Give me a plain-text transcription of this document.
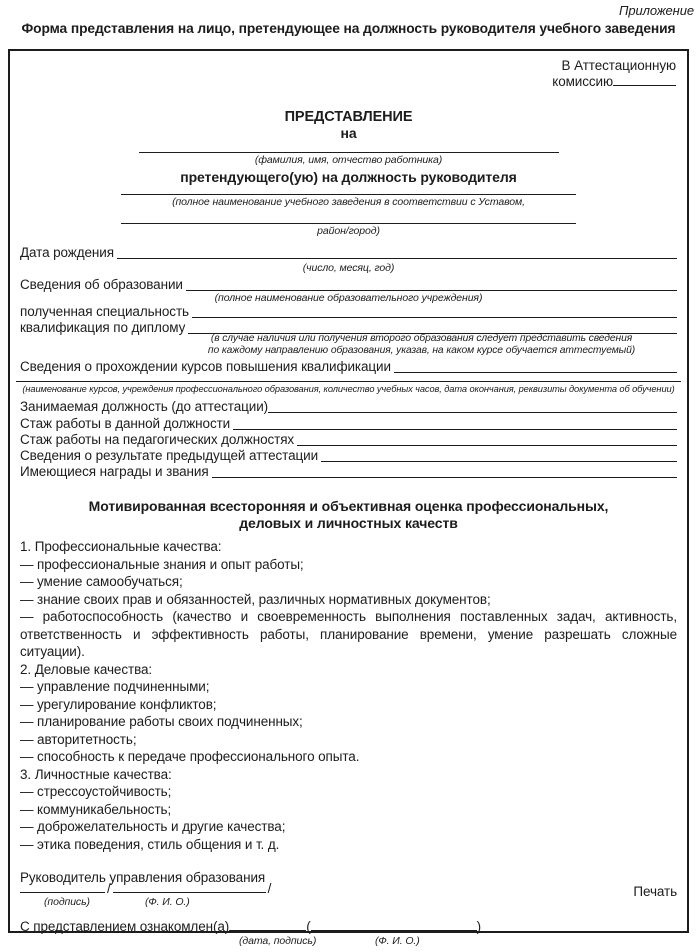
Приложение
Форма представления на лицо, претендующее на должность руководителя учебного заведения
В Аттестационную
комиссию
ПРЕДСТАВЛЕНИЕ
на
(фамилия, имя, отчество работника)
претендующего(ую) на должность руководителя
(полное наименование учебного заведения в соответствии с Уставом,
район/город)
Дата рождения
(число, месяц, год)
Сведения об образовании
(полное наименование образовательного учреждения)
полученная специальность
квалификация по диплому
(в случае наличия или получения второго образования следует представить сведения
по каждому направлению образования, указав, на каком курсе обучается аттестуемый)
Сведения о прохождении курсов повышения квалификации
(наименование курсов, учреждения профессионального образования, количество учебных часов, дата окончания, реквизиты документа об обучении)
Занимаемая должность (до аттестации)
Стаж работы в данной должности
Стаж работы на педагогических должностях
Сведения о результате предыдущей аттестации
Имеющиеся награды и звания
Мотивированная всесторонняя и объективная оценка профессиональных,
деловых и личностных качеств
1. Профессиональные качества:
— профессиональные знания и опыт работы;
— умение самообучаться;
— знание своих прав и обязанностей, различных нормативных документов;
— работоспособность (качество и своевременность выполнения поставленных задач, активность, ответственность и эффективность работы, планирование времени, умение разрешать сложные ситуации).
2. Деловые качества:
— управление подчиненными;
— урегулирование конфликтов;
— планирование работы своих подчиненных;
— авторитетность;
— способность к передаче профессионального опыта.
3. Личностные качества:
— стрессоустойчивость;
— коммуникабельность;
— доброжелательность и другие качества;
— этика поведения, стиль общения и т. д.
Руководитель управления образования
Печать
/	/
(подпись)	(Ф. И. О.)
С представлением ознакомлен(а)	(	)
(дата, подпись)	(Ф. И. О.)
